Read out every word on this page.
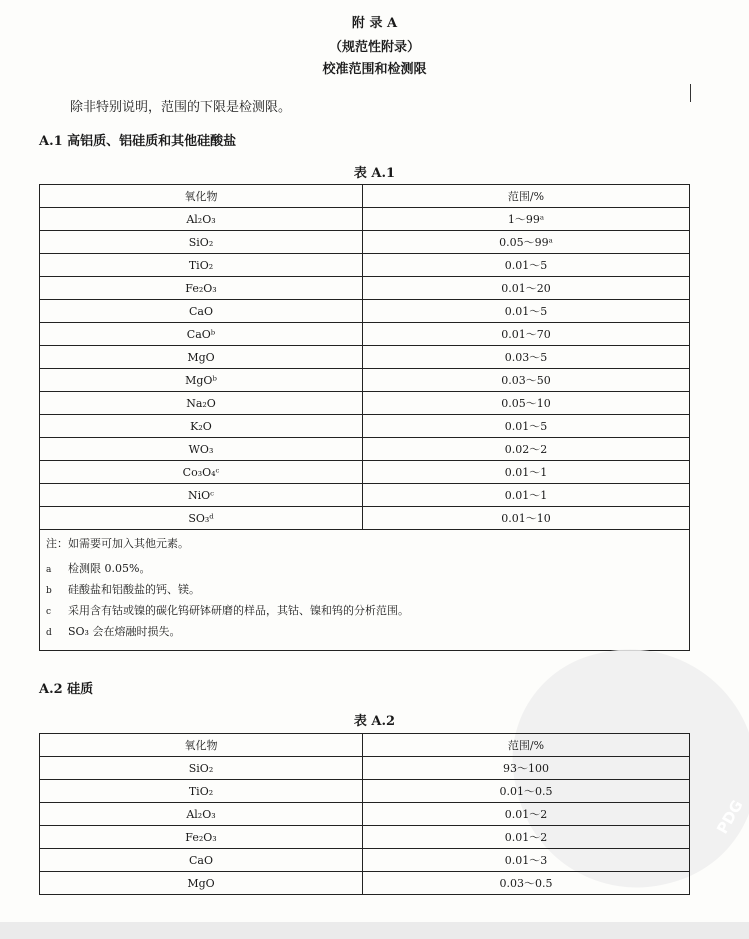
附 录 A
（规范性附录）
校准范围和检测限
除非特别说明，范围的下限是检测限。
A.1 高铝质、铝硅质和其他硅酸盐
表 A.1
氧化物	范围/%
Al₂O₃	1～99ᵃ
SiO₂	0.05～99ᵃ
TiO₂	0.01～5
Fe₂O₃	0.01～20
CaO	0.01～5
CaOᵇ	0.01～70
MgO	0.03～5
MgOᵇ	0.03～50
Na₂O	0.05～10
K₂O	0.01～5
WO₃	0.02～2
Co₃O₄ᶜ	0.01～1
NiOᶜ	0.01～1
SO₃ᵈ	0.01～10

注：如需要可加入其他元素。
a 检测限 0.05%。
b 硅酸盐和铝酸盐的钙、镁。
c 采用含有钴或镍的碳化钨研钵研磨的样品，其钴、镍和钨的分析范围。
d SO₃ 会在熔融时损失。	
PDG
A.2 硅质
表 A.2
氧化物	范围/%
SiO₂	93～100
TiO₂	0.01～0.5
Al₂O₃	0.01～2
Fe₂O₃	0.01～2
CaO	0.01～3
MgO	0.03～0.5
